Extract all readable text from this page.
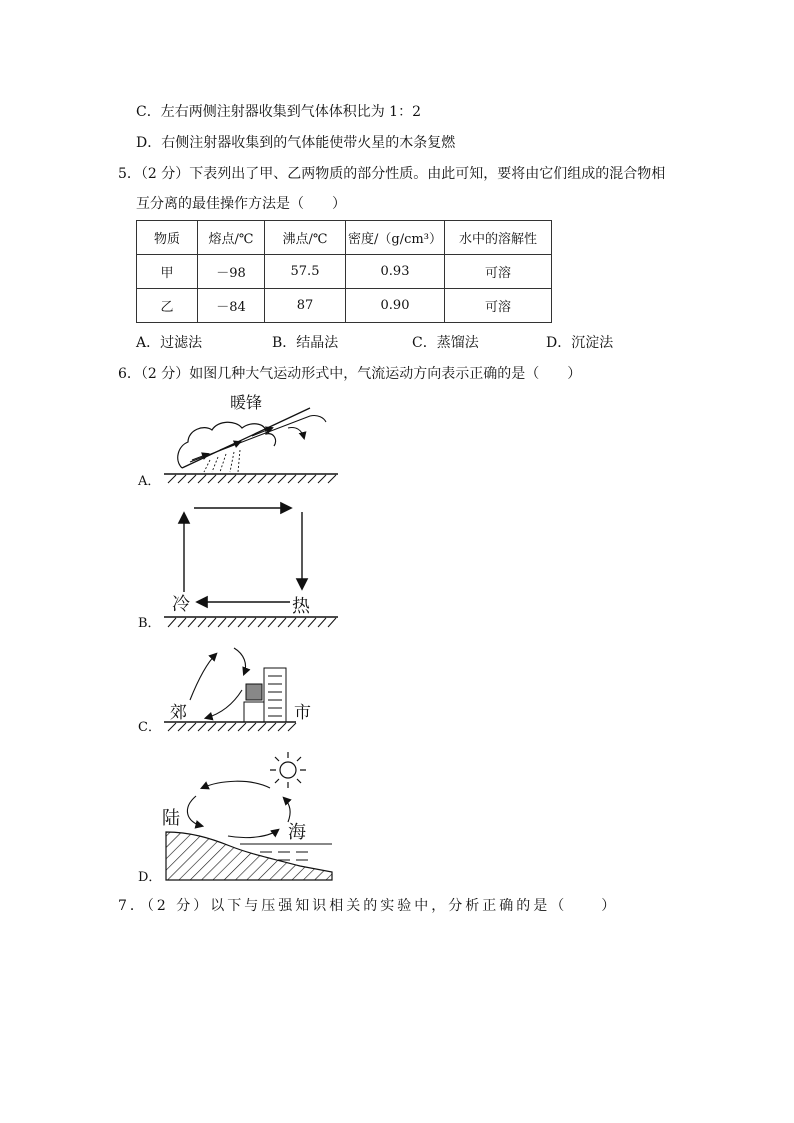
C．左右两侧注射器收集到气体体积比为 1：2
D．右侧注射器收集到的气体能使带火星的木条复燃
5．（2 分）下表列出了甲、乙两物质的部分性质。由此可知，要将由它们组成的混合物相
互分离的最佳操作方法是（　　）
物质	熔点/℃	沸点/℃	密度/（g/cm³）	水中的溶解性
甲	－98	57.5	0.93	可溶
乙	－84	87	0.90	可溶
A．过滤法	B．结晶法	C．蒸馏法	D．沉淀法
6．（2 分）如图几种大气运动形式中，气流运动方向表示正确的是（　　）
A．
暖锋
B．
冷	热
C．
郊	市
D．
陆
海
7．（2 分）以下与压强知识相关的实验中，分析正确的是（　　）
